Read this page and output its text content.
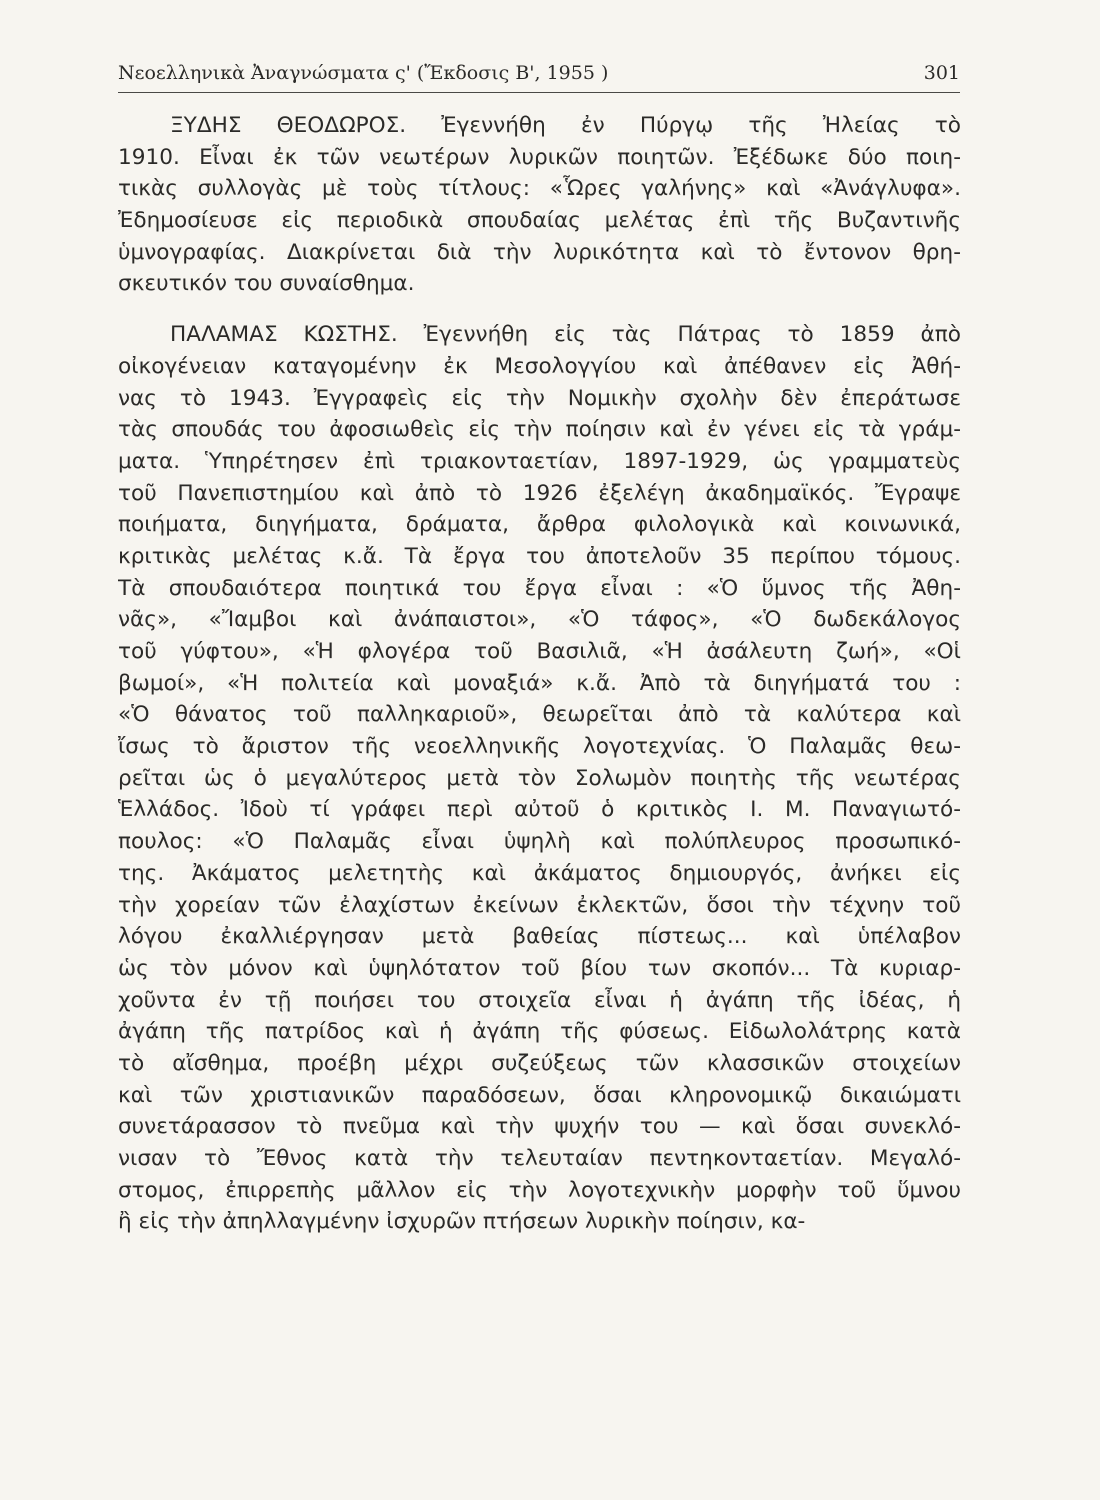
Νεοελληνικὰ Ἀναγνώσματα ς' (Ἔκδοσις Β', 1955 )	301
ΞΥΔΗΣ ΘΕΟΔΩΡΟΣ. Ἐγεννήθη ἐν Πύργῳ τῆς Ἠλείας τὸ
1910. Εἶναι ἐκ τῶν νεωτέρων λυρικῶν ποιητῶν. Ἐξέδωκε δύο ποιη-
τικὰς συλλογὰς μὲ τοὺς τίτλους: «Ὧρες γαλήνης» καὶ «Ἀνάγλυφα».
Ἐδημοσίευσε εἰς περιοδικὰ σπουδαίας μελέτας ἐπὶ τῆς Βυζαντινῆς
ὑμνογραφίας. Διακρίνεται διὰ τὴν λυρικότητα καὶ τὸ ἔντονον θρη-
σκευτικόν του συναίσθημα.
ΠΑΛΑΜΑΣ ΚΩΣΤΗΣ. Ἐγεννήθη εἰς τὰς Πάτρας τὸ 1859 ἀπὸ
οἰκογένειαν καταγομένην ἐκ Μεσολογγίου καὶ ἀπέθανεν εἰς Ἀθή-
νας τὸ 1943. Ἐγγραφεὶς εἰς τὴν Νομικὴν σχολὴν δὲν ἐπεράτωσε
τὰς σπουδάς του ἀφοσιωθεὶς εἰς τὴν ποίησιν καὶ ἐν γένει εἰς τὰ γράμ-
ματα. Ὑπηρέτησεν ἐπὶ τριακονταετίαν, 1897-1929, ὡς γραμματεὺς
τοῦ Πανεπιστημίου καὶ ἀπὸ τὸ 1926 ἐξελέγη ἀκαδημαϊκός. Ἔγραψε
ποιήματα, διηγήματα, δράματα, ἄρθρα φιλολογικὰ καὶ κοινωνικά,
κριτικὰς μελέτας κ.ἄ. Τὰ ἔργα του ἀποτελοῦν 35 περίπου τόμους.
Τὰ σπουδαιότερα ποιητικά του ἔργα εἶναι : «Ὁ ὕμνος τῆς Ἀθη-
νᾶς», «Ἴαμβοι καὶ ἀνάπαιστοι», «Ὁ τάφος», «Ὁ δωδεκάλογος
τοῦ γύφτου», «Ἡ φλογέρα τοῦ Βασιλιᾶ, «Ἡ ἀσάλευτη ζωή», «Οἱ
βωμοί», «Ἡ πολιτεία καὶ μοναξιά» κ.ἄ. Ἀπὸ τὰ διηγήματά του :
«Ὁ θάνατος τοῦ παλληκαριοῦ», θεωρεῖται ἀπὸ τὰ καλύτερα καὶ
ἴσως τὸ ἄριστον τῆς νεοελληνικῆς λογοτεχνίας. Ὁ Παλαμᾶς θεω-
ρεῖται ὡς ὁ μεγαλύτερος μετὰ τὸν Σολωμὸν ποιητὴς τῆς νεωτέρας
Ἑλλάδος. Ἰδοὺ τί γράφει περὶ αὐτοῦ ὁ κριτικὸς Ι. Μ. Παναγιωτό-
πουλος: «Ὁ Παλαμᾶς εἶναι ὑψηλὴ καὶ πολύπλευρος προσωπικό-
της. Ἀκάματος μελετητὴς καὶ ἀκάματος δημιουργός, ἀνήκει εἰς
τὴν χορείαν τῶν ἐλαχίστων ἐκείνων ἐκλεκτῶν, ὅσοι τὴν τέχνην τοῦ
λόγου ἐκαλλιέργησαν μετὰ βαθείας πίστεως... καὶ ὑπέλαβον
ὡς τὸν μόνον καὶ ὑψηλότατον τοῦ βίου των σκοπόν... Τὰ κυριαρ-
χοῦντα ἐν τῇ ποιήσει του στοιχεῖα εἶναι ἡ ἀγάπη τῆς ἰδέας, ἡ
ἀγάπη τῆς πατρίδος καὶ ἡ ἀγάπη τῆς φύσεως. Εἰδωλολάτρης κατὰ
τὸ αἴσθημα, προέβη μέχρι συζεύξεως τῶν κλασσικῶν στοιχείων
καὶ τῶν χριστιανικῶν παραδόσεων, ὅσαι κληρονομικῷ δικαιώματι
συνετάρασσον τὸ πνεῦμα καὶ τὴν ψυχήν του — καὶ ὅσαι συνεκλό-
νισαν τὸ Ἔθνος κατὰ τὴν τελευταίαν πεντηκονταετίαν. Μεγαλό-
στομος, ἐπιρρεπὴς μᾶλλον εἰς τὴν λογοτεχνικὴν μορφὴν τοῦ ὕμνου
ἢ εἰς τὴν ἀπηλλαγμένην ἰσχυρῶν πτήσεων λυρικὴν ποίησιν, κα-
